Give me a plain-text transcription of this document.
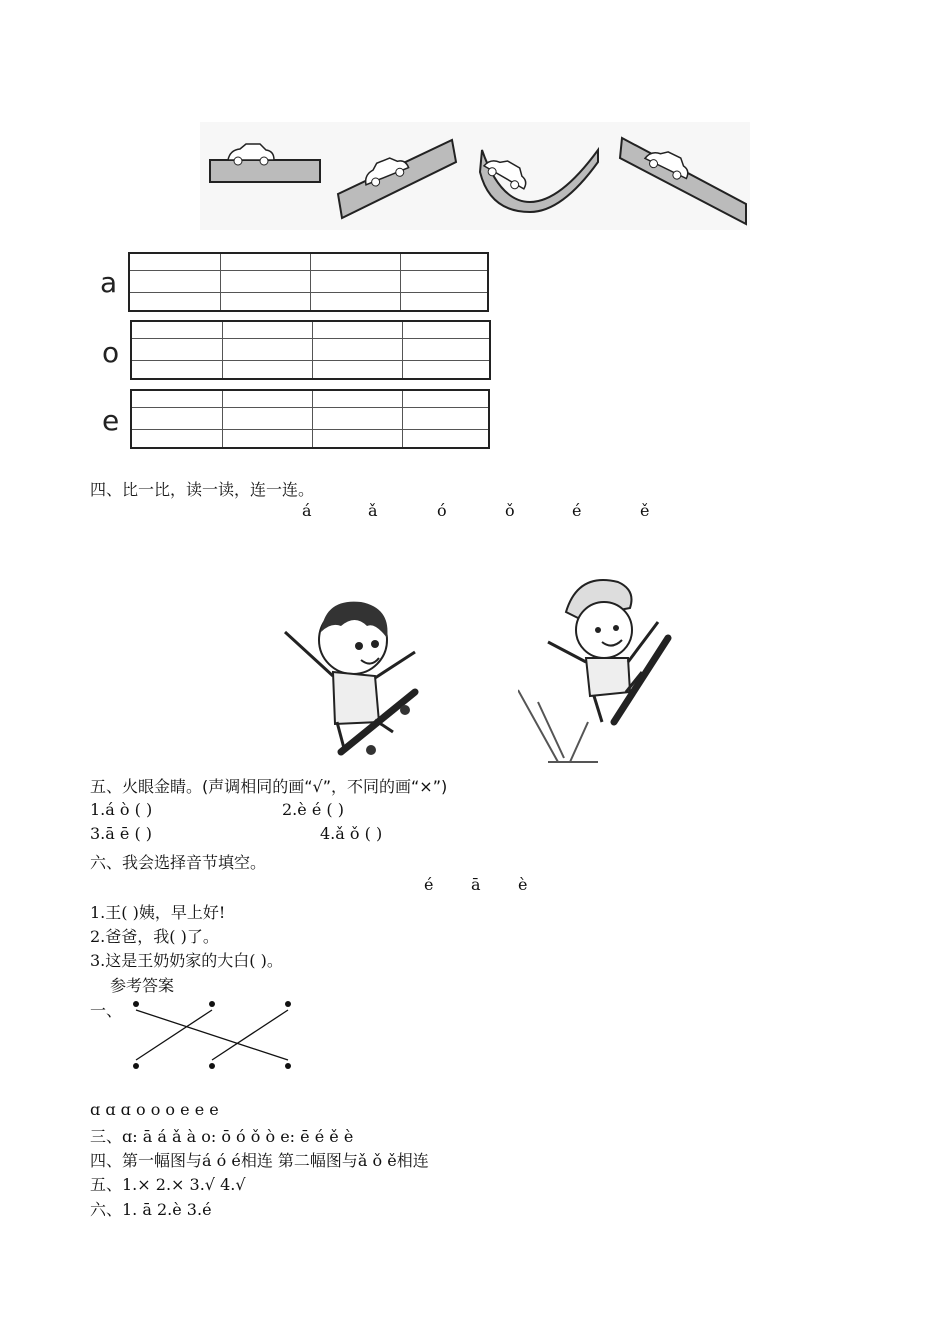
a
o
e
四、比一比，读一读，连一连。
á	ǎ	ó	ǒ	é	ě
五、火眼金睛。(声调相同的画“√”，不同的画“×”)
1.á ò ( )	2.è é ( )
3.ā ē ( )	4.ǎ ǒ ( )
六、我会选择音节填空。
é ā è
1.王( )姨，早上好!
2.爸爸，我( )了。
3.这是王奶奶家的大白( )。
参考答案
一、
ɑ ɑ ɑ o o o e e e
三、ɑ: ā á ǎ à o: ō ó ǒ ò e: ē é ě è
四、第一幅图与á ó é相连 第二幅图与ǎ ǒ ě相连
五、1.× 2.× 3.√ 4.√
六、1. ā 2.è 3.é
